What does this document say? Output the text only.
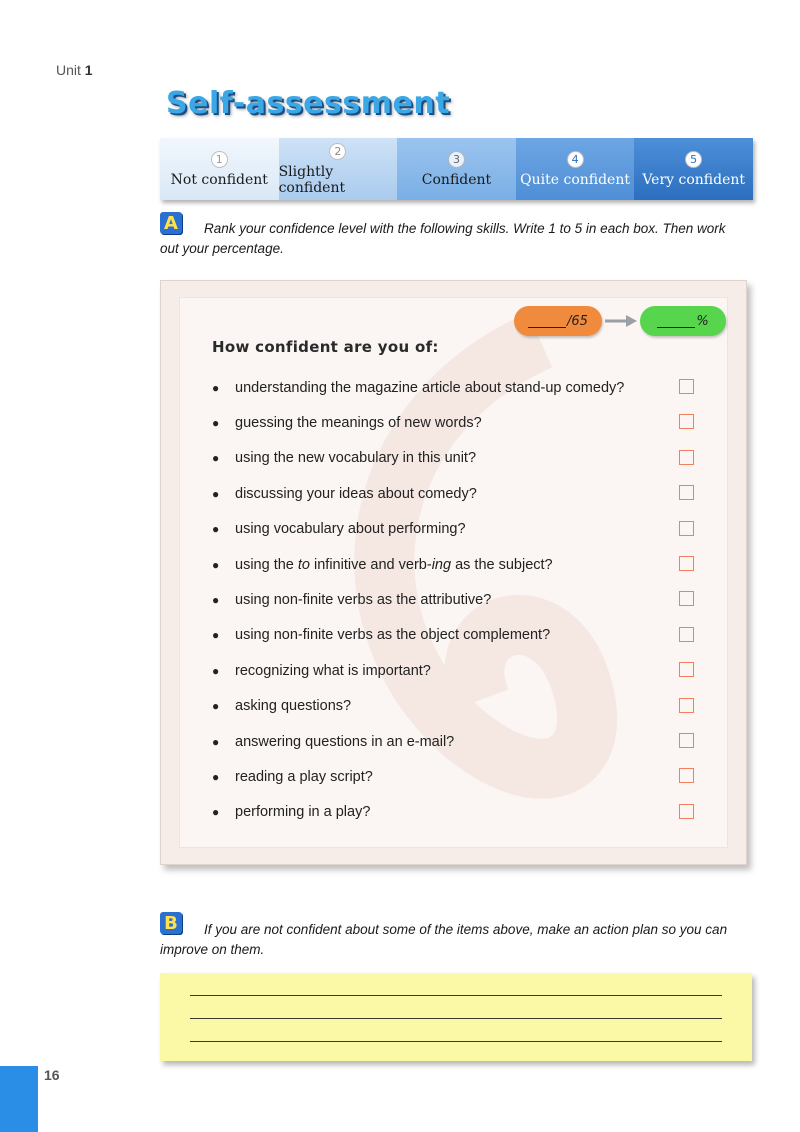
Unit 1
Self-assessment
1
Not confident
2
Slightly confident
3
Confident
4
Quite confident
5
Very confident
A	Rank your confidence level with the following skills. Write 1 to 5 in each box. Then work out your percentage.
/65	%
How confident are you of:
●	understanding the magazine article about stand-up comedy?
●	guessing the meanings of new words?
●	using the new vocabulary in this unit?
●	discussing your ideas about comedy?
●	using vocabulary about performing?
●	using the to infinitive and verb-ing as the subject?
●	using non-finite verbs as the attributive?
●	using non-finite verbs as the object complement?
●	recognizing what is important?
●	asking questions?
●	answering questions in an e-mail?
●	reading a play script?
●	performing in a play?
B	If you are not confident about some of the items above, make an action plan so you can improve on them.
16
